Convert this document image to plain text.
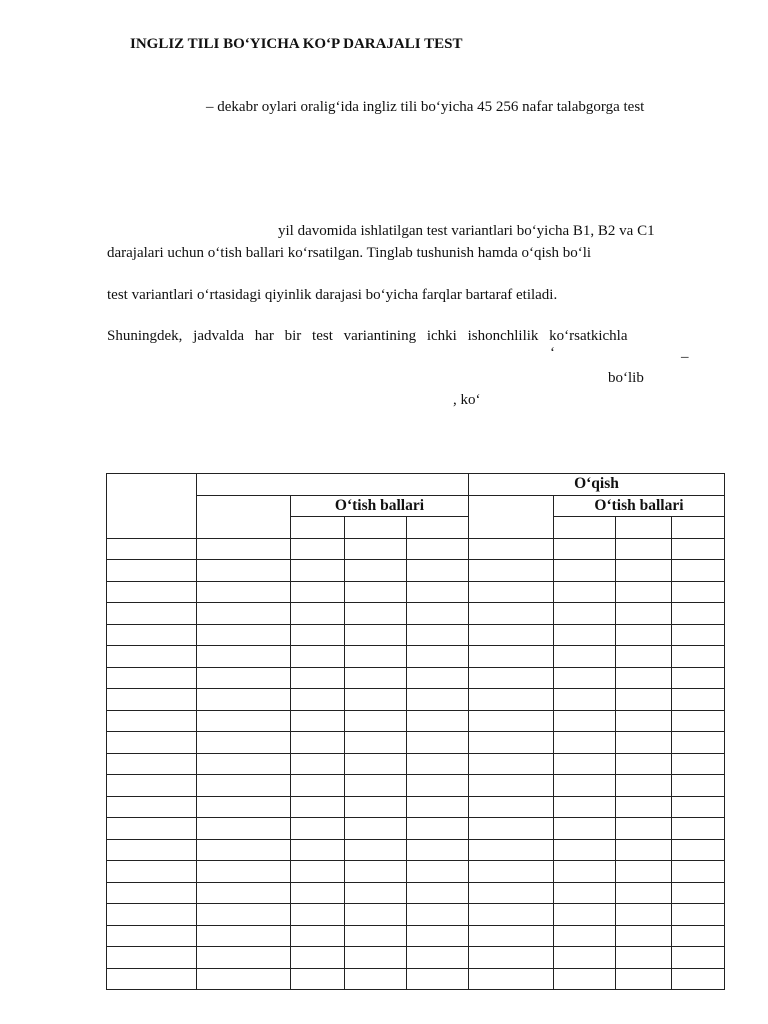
INGLIZ TILI BO‘YICHA KO‘P DARAJALI TEST
– dekabr oylari oralig‘ida ingliz tili bo‘yicha 45 256 nafar talabgorga test
yil davomida ishlatilgan test variantlari bo‘yicha B1, B2 va C1
darajalari uchun o‘tish ballari ko‘rsatilgan. Tinglab tushunish hamda o‘qish bo‘li
test variantlari o‘rtasidagi qiyinlik darajasi bo‘yicha farqlar bartaraf etiladi.
Shuningdek, jadvalda har bir test variantining ichki ishonchlilik ko‘rsatkichla
‘	–
bo‘lib
, ko‘
					O‘qish			
		O‘tish ballari				O‘tish ballari		
